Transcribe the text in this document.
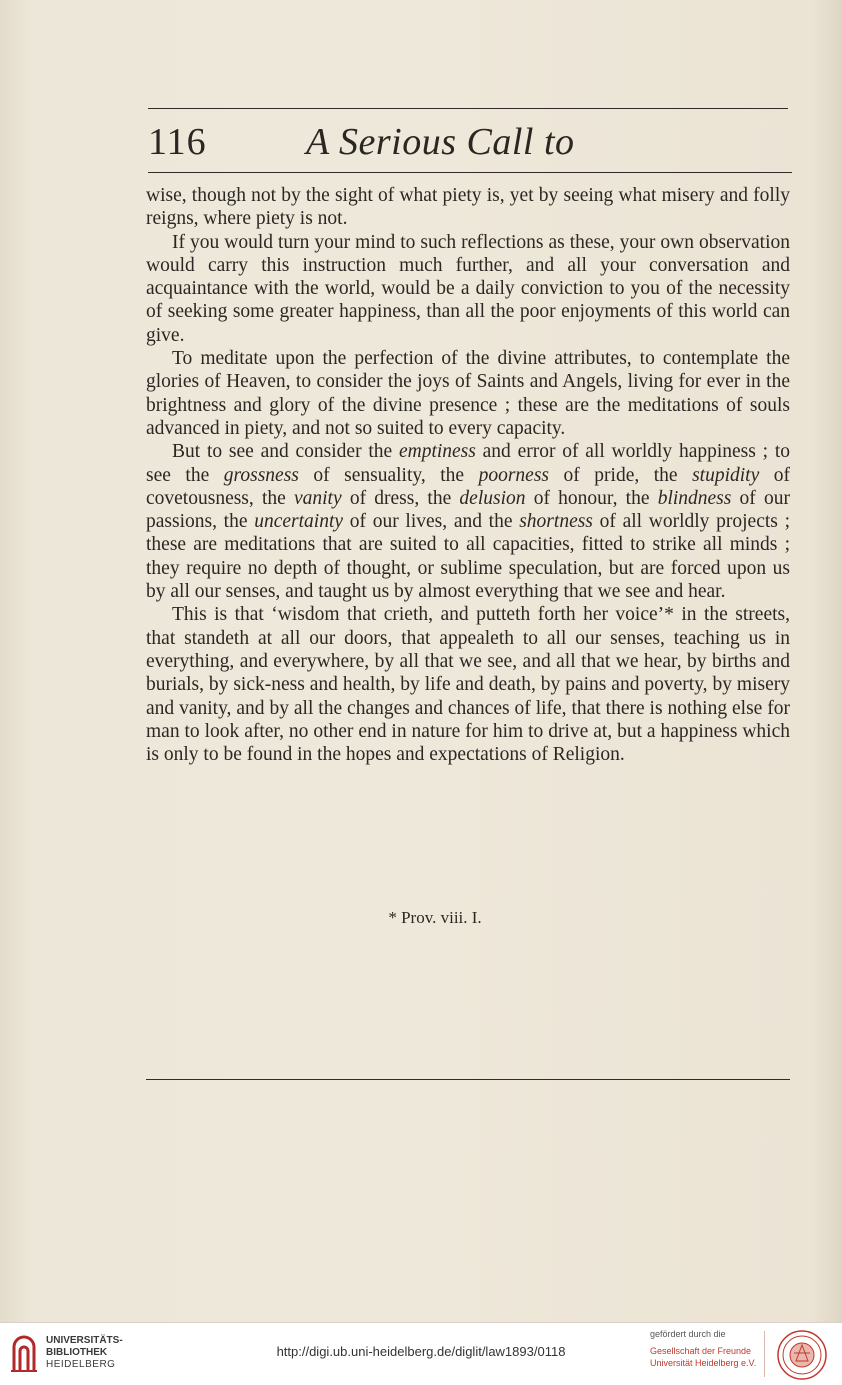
116	A Serious Call to

wise, though not by the sight of what piety is, yet by seeing what misery and folly reigns, where piety is not.

If you would turn your mind to such reflections as these, your own observation would carry this instruction much further, and all your conversation and acquaintance with the world, would be a daily conviction to you of the necessity of seeking some greater happiness, than all the poor enjoyments of this world can give.

To meditate upon the perfection of the divine attributes, to contemplate the glories of Heaven, to consider the joys of Saints and Angels, living for ever in the brightness and glory of the divine presence ; these are the meditations of souls advanced in piety, and not so suited to every capacity.

But to see and consider the emptiness and error of all worldly happiness ; to see the grossness of sensuality, the poorness of pride, the stupidity of covetousness, the vanity of dress, the delusion of honour, the blindness of our passions, the uncertainty of our lives, and the shortness of all worldly projects ; these are meditations that are suited to all capacities, fitted to strike all minds ; they require no depth of thought, or sublime speculation, but are forced upon us by all our senses, and taught us by almost everything that we see and hear.

This is that ‘wisdom that crieth, and putteth forth her voice’* in the streets, that standeth at all our doors, that appealeth to all our senses, teaching us in everything, and everywhere, by all that we see, and all that we hear, by births and burials, by sick-ness and health, by life and death, by pains and poverty, by misery and vanity, and by all the changes and chances of life, that there is nothing else for man to look after, no other end in nature for him to drive at, but a happiness which is only to be found in the hopes and expectations of Religion.

* Prov. viii. I.
UNIVERSITÄTS-
BIBLIOTHEK
HEIDELBERG
http://digi.ub.uni-heidelberg.de/diglit/law1893/0118
gefördert durch die
Gesellschaft der Freunde
Universität Heidelberg e.V.
